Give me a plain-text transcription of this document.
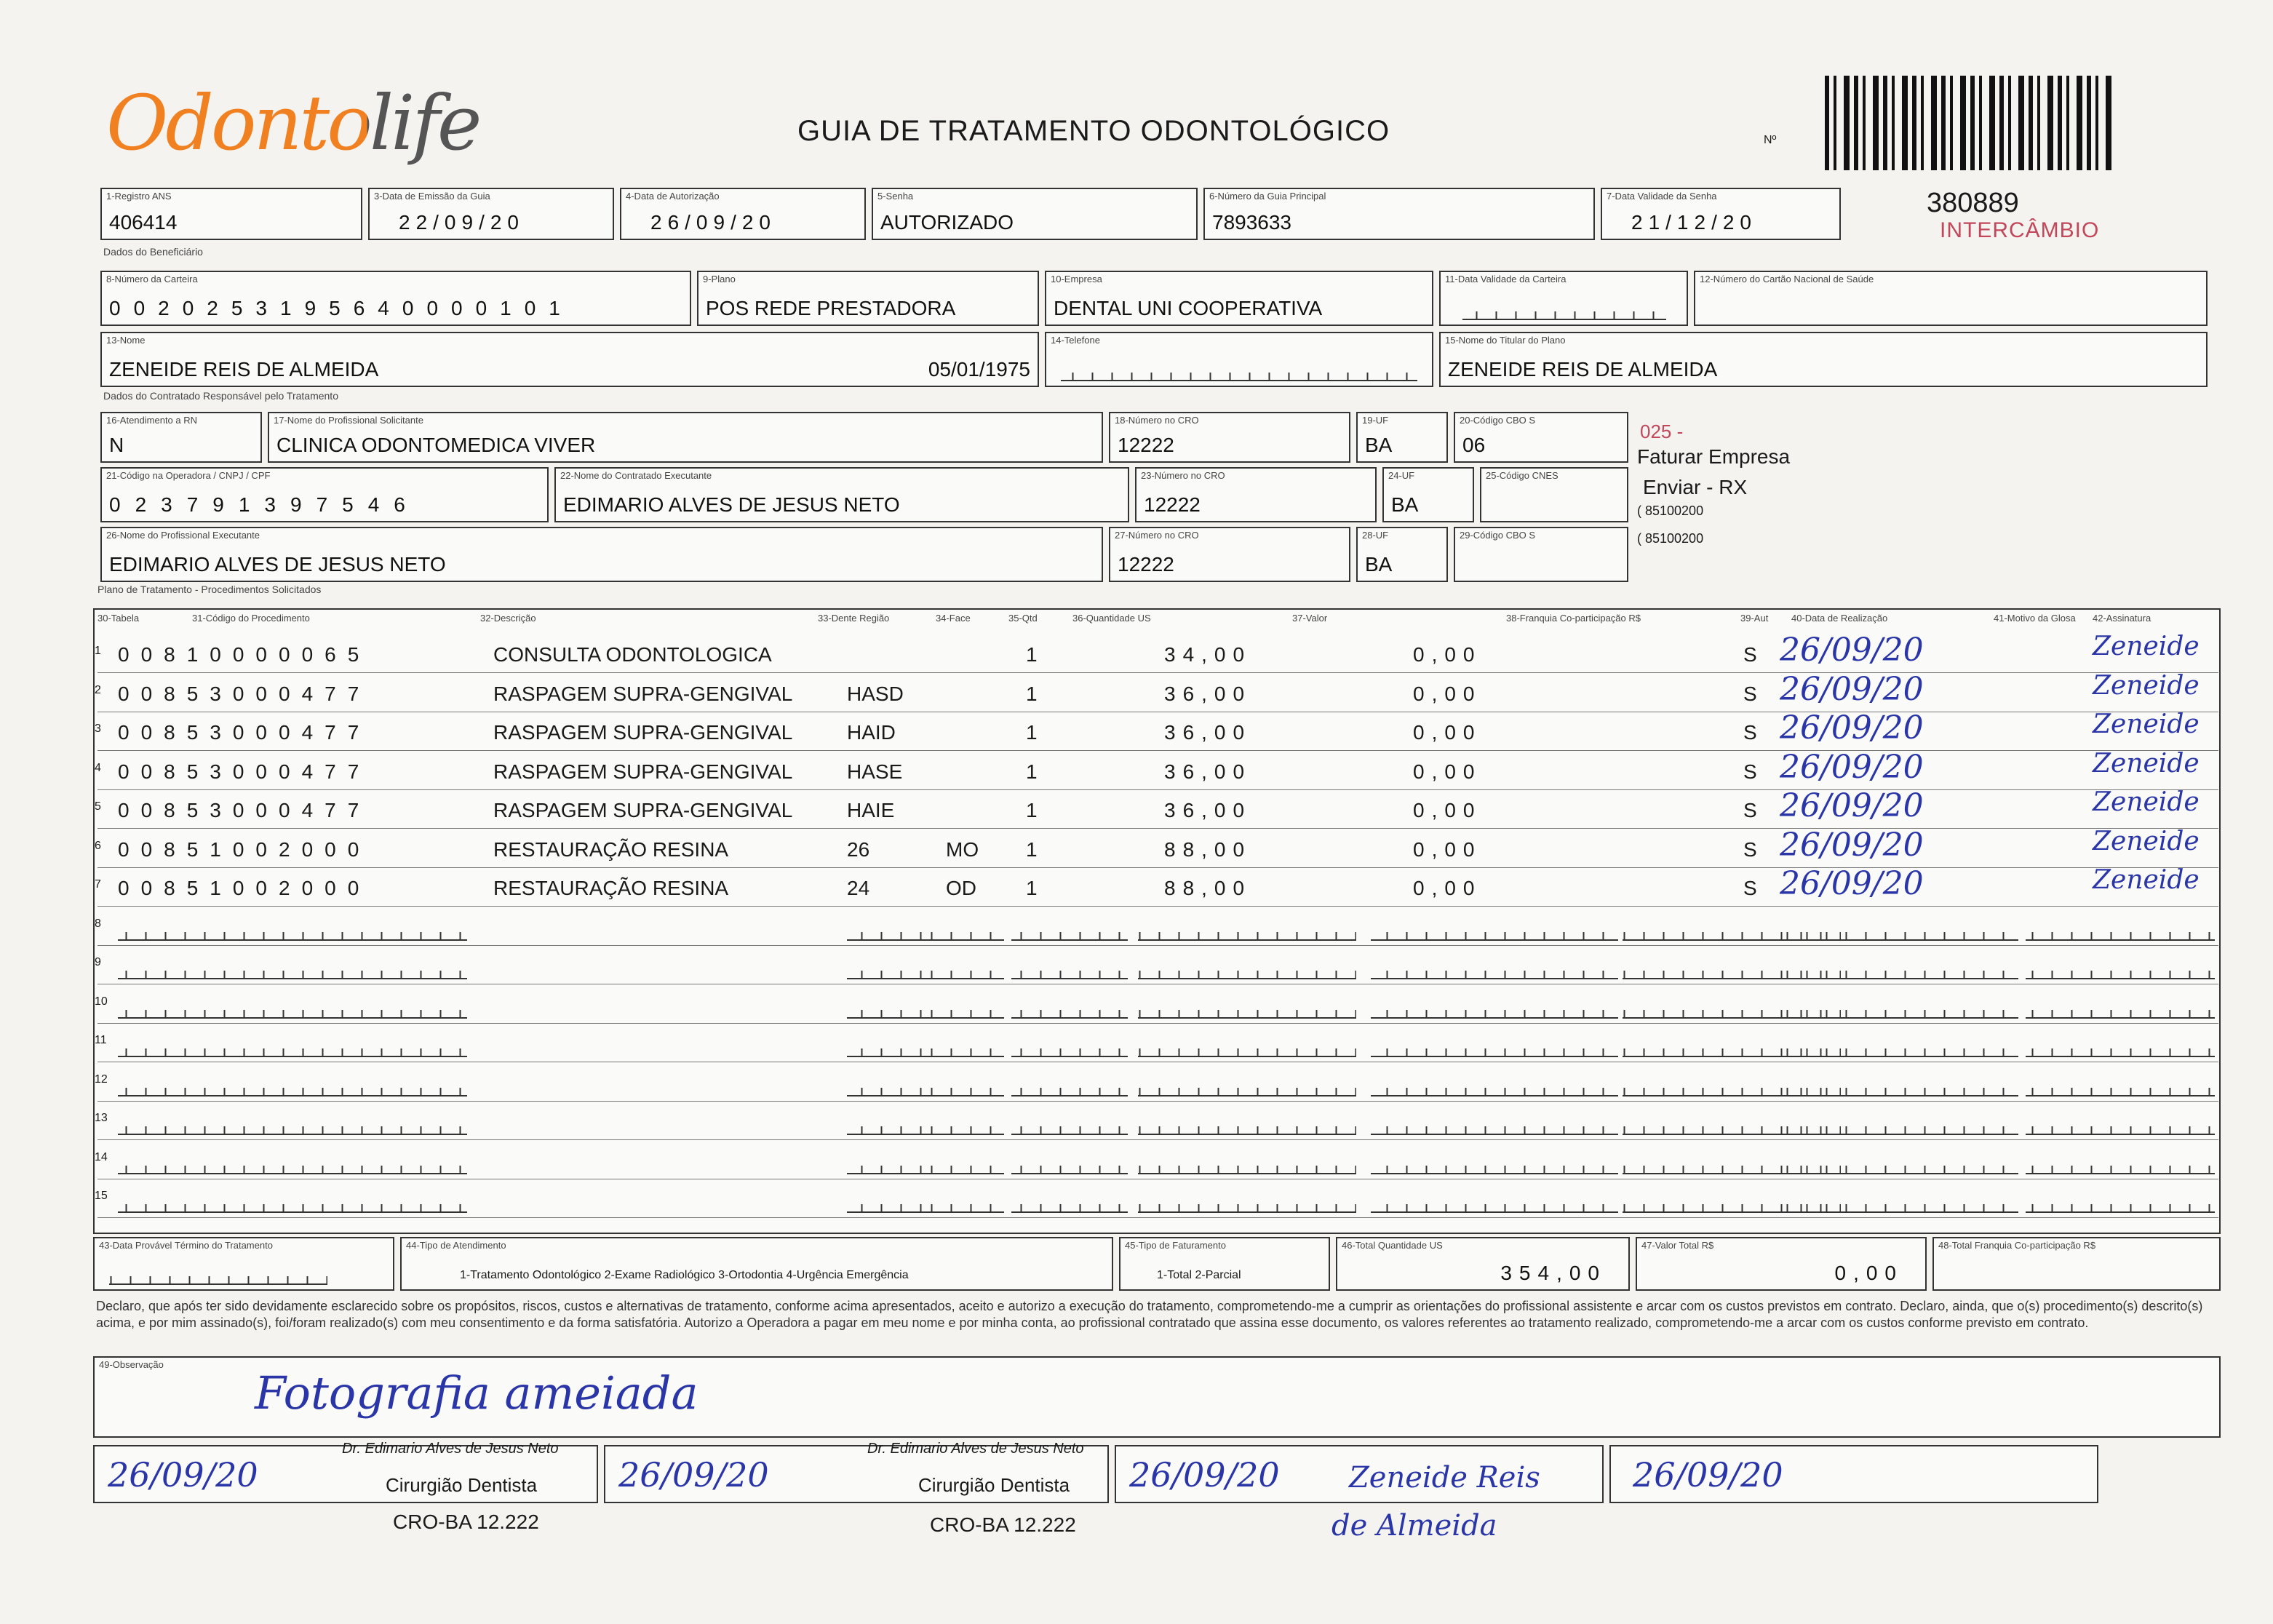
Odontolife	GUIA DE TRATAMENTO ODONTOLÓGICO	Nº
380889
INTERCÂMBIO
1-Registro ANS
406414
3-Data de Emissão da Guia
22/09/20
4-Data de Autorização
26/09/20
5-Senha
AUTORIZADO
6-Número da Guia Principal
7893633
7-Data Validade da Senha
21/12/20
Dados do Beneficiário
8-Número da Carteira
0020253195640000101
9-Plano
POS REDE PRESTADORA
10-Empresa
DENTAL UNI COOPERATIVA
11-Data Validade da Carteira	12-Número do Cartão Nacional de Saúde
13-Nome
ZENEIDE REIS DE ALMEIDA	05/01/1975
14-Telefone	15-Nome do Titular do Plano
ZENEIDE REIS DE ALMEIDA
Dados do Contratado Responsável pelo Tratamento
16-Atendimento a RN
N
17-Nome do Profissional Solicitante
CLINICA ODONTOMEDICA VIVER
18-Número no CRO
12222
19-UF
BA
20-Código CBO S
06
21-Código na Operadora / CNPJ / CPF
023791397546
22-Nome do Contratado Executante
EDIMARIO ALVES DE JESUS NETO
23-Número no CRO
12222
24-UF
BA
25-Código CNES
26-Nome do Profissional Executante
EDIMARIO ALVES DE JESUS NETO
27-Número no CRO
12222
28-UF
BA
29-Código CBO S
025 -
Faturar Empresa
Enviar - RX
( 85100200
( 85100200
Plano de Tratamento - Procedimentos Solicitados
30-Tabela	31-Código do Procedimento	32-Descrição	33-Dente Região	34-Face	35-Qtd	36-Quantidade US	37-Valor	38-Franquia Co-participação R$	39-Aut 40-Data de Realização	41-Motivo da Glosa 42-Assinatura
1 00810000065	CONSULTA ODONTOLOGICA	1	34,00	0,00	S 26/09/20	Zeneide
2 00853000477	RASPAGEM SUPRA-GENGIVAL	HASD	1	36,00	0,00	S 26/09/20	Zeneide
3 00853000477	RASPAGEM SUPRA-GENGIVAL	HAID	1	36,00	0,00	S 26/09/20	Zeneide
4 00853000477	RASPAGEM SUPRA-GENGIVAL	HASE	1	36,00	0,00	S 26/09/20	Zeneide
5 00853000477	RASPAGEM SUPRA-GENGIVAL	HAIE	1	36,00	0,00	S 26/09/20	Zeneide
6 00851002000	RESTAURAÇÃO RESINA	26	MO 1	88,00	0,00	S 26/09/20	Zeneide
7 00851002000	RESTAURAÇÃO RESINA	24	OD 1	88,00	0,00	S 26/09/20	Zeneide
8
9
10
11
12
13
14
15
43-Data Provável Término do Tratamento	44-Tipo de Atendimento
1-Tratamento Odontológico 2-Exame Radiológico 3-Ortodontia 4-Urgência Emergência
45-Tipo de Faturamento
1-Total 2-Parcial
46-Total Quantidade US
354,00
47-Valor Total R$
0,00
48-Total Franquia Co-participação R$
Declaro, que após ter sido devidamente esclarecido sobre os propósitos, riscos, custos e alternativas de tratamento, conforme acima apresentados, aceito e autorizo a execução do tratamento, comprometendo-me a cumprir as orientações do profissional assistente e arcar com os custos previstos em contrato. Declaro, ainda, que o(s) procedimento(s) descrito(s) acima, e por mim assinado(s), foi/foram realizado(s) com meu consentimento e da forma satisfatória. Autorizo a Operadora a pagar em meu nome e por minha conta, ao profissional contratado que assina esse documento, os valores referentes ao tratamento realizado, comprometendo-me a arcar com os custos conforme previsto em contrato.
49-Observação
Fotografia ameiada
26/09/20
Dr. Edimario Alves de Jesus Neto
Cirurgião Dentista
CRO-BA 12.222
26/09/20
Dr. Edimario Alves de Jesus Neto
Cirurgião Dentista
CRO-BA 12.222
26/09/20 Zeneide Reis
de Almeida
26/09/20
